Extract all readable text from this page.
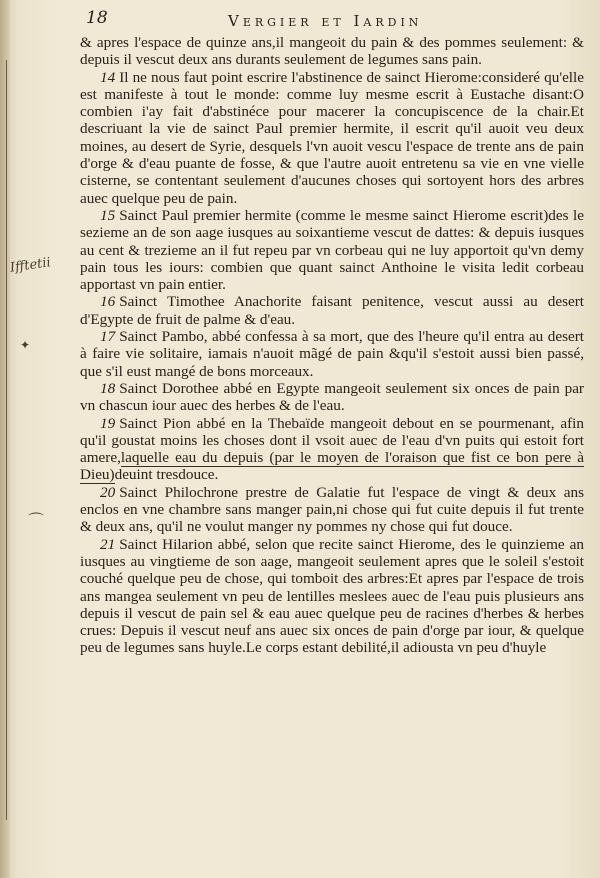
18	Vergier et Iardin
Ifftetii
✦
⌒

& apres l'espace de quinze ans,il mangeoit du pain & des pommes seulement: & depuis il vescut deux ans durants seulement de legumes sans pain.

14 Il ne nous faut point escrire l'abstinence de sainct Hierome:consideré qu'elle est manifeste à tout le monde: comme luy mesme escrit à Eustache disant:O combien i'ay fait d'abstinéce pour macerer la concupiscence de la chair.Et descriuant la vie de sainct Paul premier hermite, il escrit qu'il auoit veu deux moines, au desert de Syrie, desquels l'vn auoit vescu l'espace de trente ans de pain d'orge & d'eau puante de fosse, & que l'autre auoit entretenu sa vie en vne vielle cisterne, se contentant seulement d'aucunes choses qui sortoyent hors des arbres auec quelque peu de pain.

15 Sainct Paul premier hermite (comme le mesme sainct Hierome escrit)des le sezieme an de son aage iusques au soixantieme vescut de dattes: & depuis iusques au cent & trezieme an il fut repeu par vn corbeau qui ne luy apportoit qu'vn demy pain tous les iours: combien que quant sainct Anthoine le visita ledit corbeau apportast vn pain entier.

16 Sainct Timothee Anachorite faisant penitence, vescut aussi au desert d'Egypte de fruit de palme & d'eau.

17 Sainct Pambo, abbé confessa à sa mort, que des l'heure qu'il entra au desert à faire vie solitaire, iamais n'auoit mãgé de pain &qu'il s'estoit aussi bien passé, que s'il eust mangé de bons morceaux.

18 Sainct Dorothee abbé en Egypte mangeoit seulement six onces de pain par vn chascun iour auec des herbes & de l'eau.

19 Sainct Pion abbé en la Thebaïde mangeoit debout en se pourmenant, afin qu'il goustat moins les choses dont il vsoit auec de l'eau d'vn puits qui estoit fort amere,laquelle eau du depuis (par le moyen de l'oraison que fist ce bon pere à Dieu)deuint tresdouce.

20 Sainct Philochrone prestre de Galatie fut l'espace de vingt & deux ans enclos en vne chambre sans manger pain,ni chose qui fut cuite depuis il fut trente & deux ans, qu'il ne voulut manger ny pommes ny chose qui fut douce.

21 Sainct Hilarion abbé, selon que recite sainct Hierome, des le quinzieme an iusques au vingtieme de son aage, mangeoit seulement apres que le soleil s'estoit couché quelque peu de chose, qui tomboit des arbres:Et apres par l'espace de trois ans mangea seulement vn peu de lentilles meslees auec de l'eau puis plusieurs ans depuis il vescut de pain sel & eau auec quelque peu de racines d'herbes & herbes crues: Depuis il vescut neuf ans auec six onces de pain d'orge par iour, & quelque peu de legumes sans huyle.Le corps estant debilité,il adiousta vn peu d'huyle
